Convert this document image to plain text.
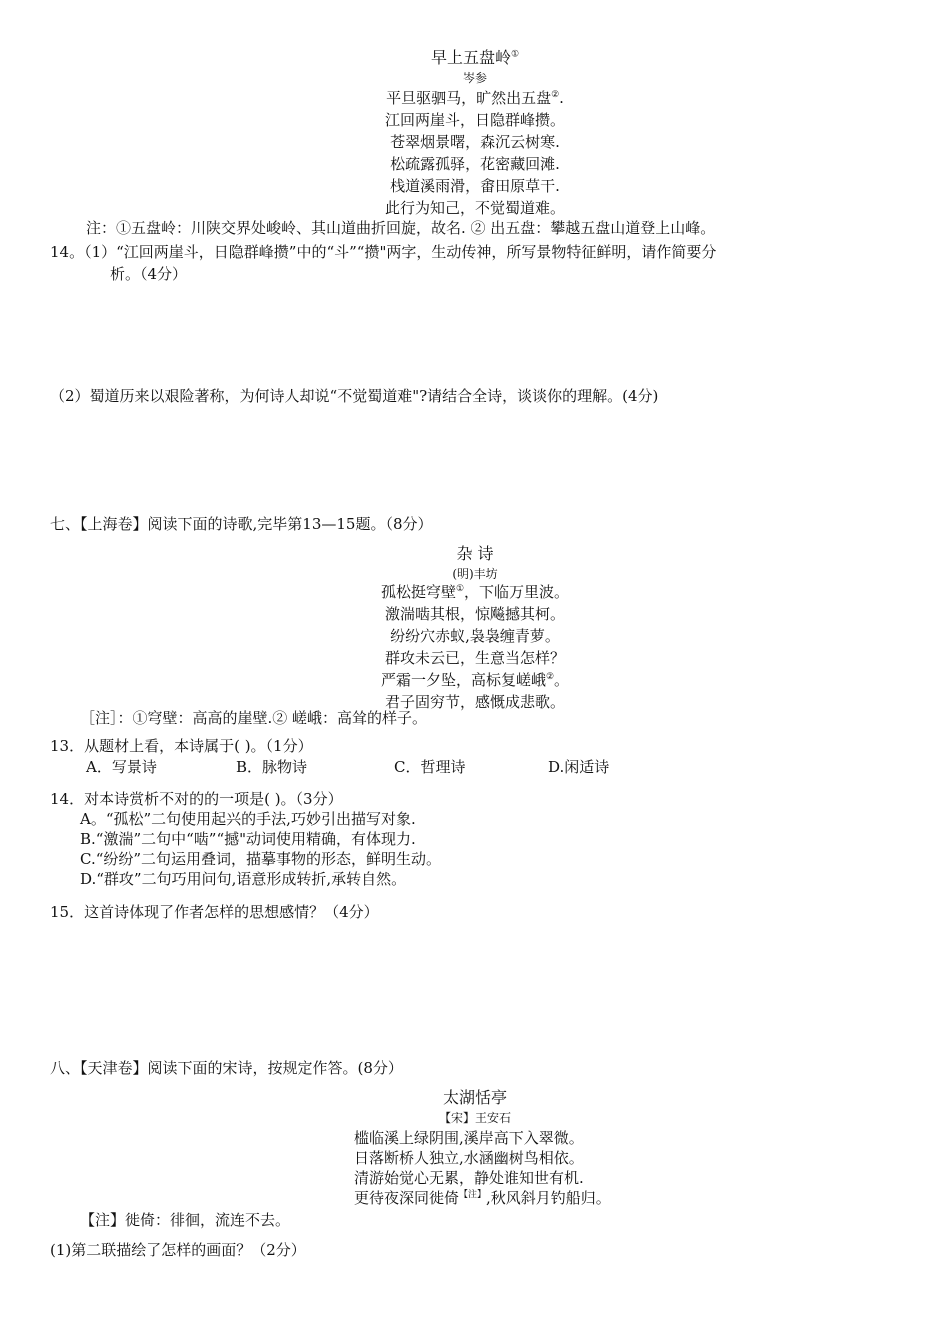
早上五盘岭①
岑参
平旦驱驷马，旷然出五盘②.
江回两崖斗，日隐群峰攒。
苍翠烟景曙，森沉云树寒.
松疏露孤驿，花密藏回滩.
栈道溪雨滑，畬田原草干.
此行为知己，不觉蜀道难。
注：①五盘岭：川陕交界处峻岭、其山道曲折回旋，故名. ② 出五盘：攀越五盘山道登上山峰。
14。（1）“江回两崖斗，日隐群峰攒”中的“斗”“攒"两字，生动传神，所写景物特征鲜明，请作简要分
析。（4分）
（2）蜀道历来以艰险著称，为何诗人却说“不觉蜀道难"?请结合全诗，谈谈你的理解。(4分)
七、【上海卷】阅读下面的诗歌,完毕第13—15题。（8分）
杂 诗
(明)丰坊
孤松挺穹壁①，下临万里波。
激湍啮其根，惊飚撼其柯。
纷纷穴赤蚁,袅袅缠青萝。
群攻未云已，生意当怎样？
严霜一夕坠，高标复嵯峨②。
君子固穷节，感慨成悲歌。
［注］：①穹壁：高高的崖壁.② 嵯峨：高耸的样子。
13．从题材上看，本诗属于( )。（1分）
A．写景诗	B．脉物诗	C．哲理诗	D.闲适诗
14．对本诗赏析不对的的一项是( )。（3分）
A。“孤松”二句使用起兴的手法,巧妙引出描写对象.
B.“激湍”二句中“啮”“撼"动词使用精确，有体现力.
C.“纷纷”二句运用叠词，描摹事物的形态，鲜明生动。
D.“群攻”二句巧用问句,语意形成转折,承转自然。
15．这首诗体现了作者怎样的思想感情？（4分）
八、【天津卷】阅读下面的宋诗，按规定作答。(8分）
太湖恬亭
【宋】王安石
槛临溪上绿阴围,溪岸高下入翠微。
日落断桥人独立,水涵幽树鸟相依。
清游始觉心无累，静处谁知世有机.
更待夜深同徙倚$^{【注】}$,秋风斜月钓船归。
【注】徙倚：徘徊，流连不去。
(1)第二联描绘了怎样的画面？（2分）
